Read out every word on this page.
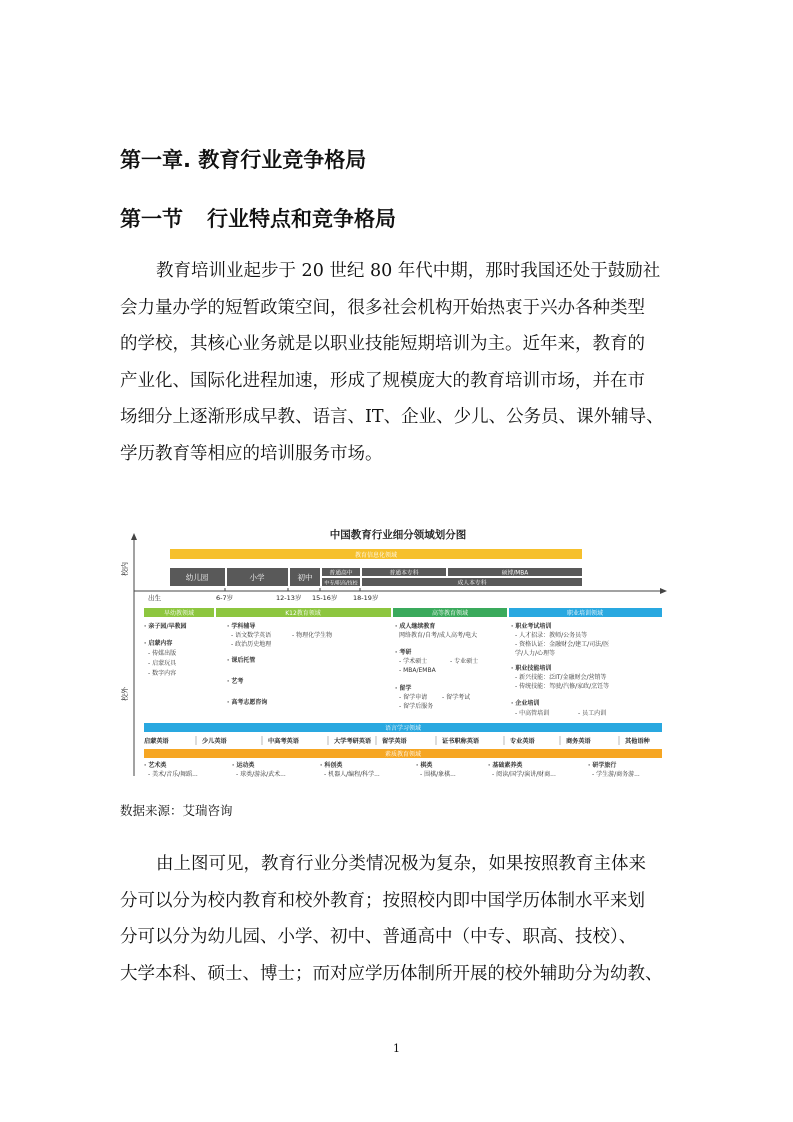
第一章. 教育行业竞争格局
第一节 行业特点和竞争格局
教育培训业起步于 20 世纪 80 年代中期，那时我国还处于鼓励社
会力量办学的短暂政策空间，很多社会机构开始热衷于兴办各种类型
的学校，其核心业务就是以职业技能短期培训为主。近年来，教育的
产业化、国际化进程加速，形成了规模庞大的教育培训市场，并在市
场细分上逐渐形成早教、语言、IT、企业、少儿、公务员、课外辅导、
学历教育等相应的培训服务市场。
中国教育行业细分领域划分图
校内
校外
教育信息化领域
幼儿园	小学	初中	普通高中
中专/职高/技校
普通本专科	硕博/MBA
成人本专科
出生	6-7岁	12-13岁 15-16岁 18-19岁
早幼教领域	K12教育领域	高等教育领域	职业培训领域
· 亲子园/早教园
· 启蒙内容
- 传媒出版
- 启蒙玩具
- 数字内容
· 学科辅导
- 语文数学英语	- 物理化学生物
- 政治历史地理
· 课后托管
· 艺考
· 高考志愿咨询
· 成人继续教育
网络教育/自考/成人高考/电大
· 考研
- 学术硕士	- 专业硕士
- MBA/EMBA
· 留学
- 留学申请 - 留学考试
- 留学后服务
· 职业考试培训
- 人才招录：教师/公务员等
- 资格认证：金融财会/建工/司法/医
学/人力/心理等
· 职业技能培训
- 新兴技能：泛IT/金融财会/营销等
- 传统技能：驾驶/汽修/家政/烹饪等
· 企业培训
- 中高管培训	- 员工内训
语言学习领域
启蒙英语	少儿英语	中高考英语	大学考研英语 留学英语	证书职称英语	专业英语	商务英语	其他语种
素质教育领域
· 艺术类
- 美术/音乐/舞蹈...
· 运动类
- 球类/游泳/武术...
· 科创类
- 机器人/编程/科学...
· 棋类
- 围棋/象棋...
· 基础素养类
- 阅读/国学/演讲/财商...
· 研学旅行
- 学生游/商务游...
数据来源：艾瑞咨询
由上图可见，教育行业分类情况极为复杂，如果按照教育主体来
分可以分为校内教育和校外教育；按照校内即中国学历体制水平来划
分可以分为幼儿园、小学、初中、普通高中（中专、职高、技校）、
大学本科、硕士、博士；而对应学历体制所开展的校外辅助分为幼教、
1
